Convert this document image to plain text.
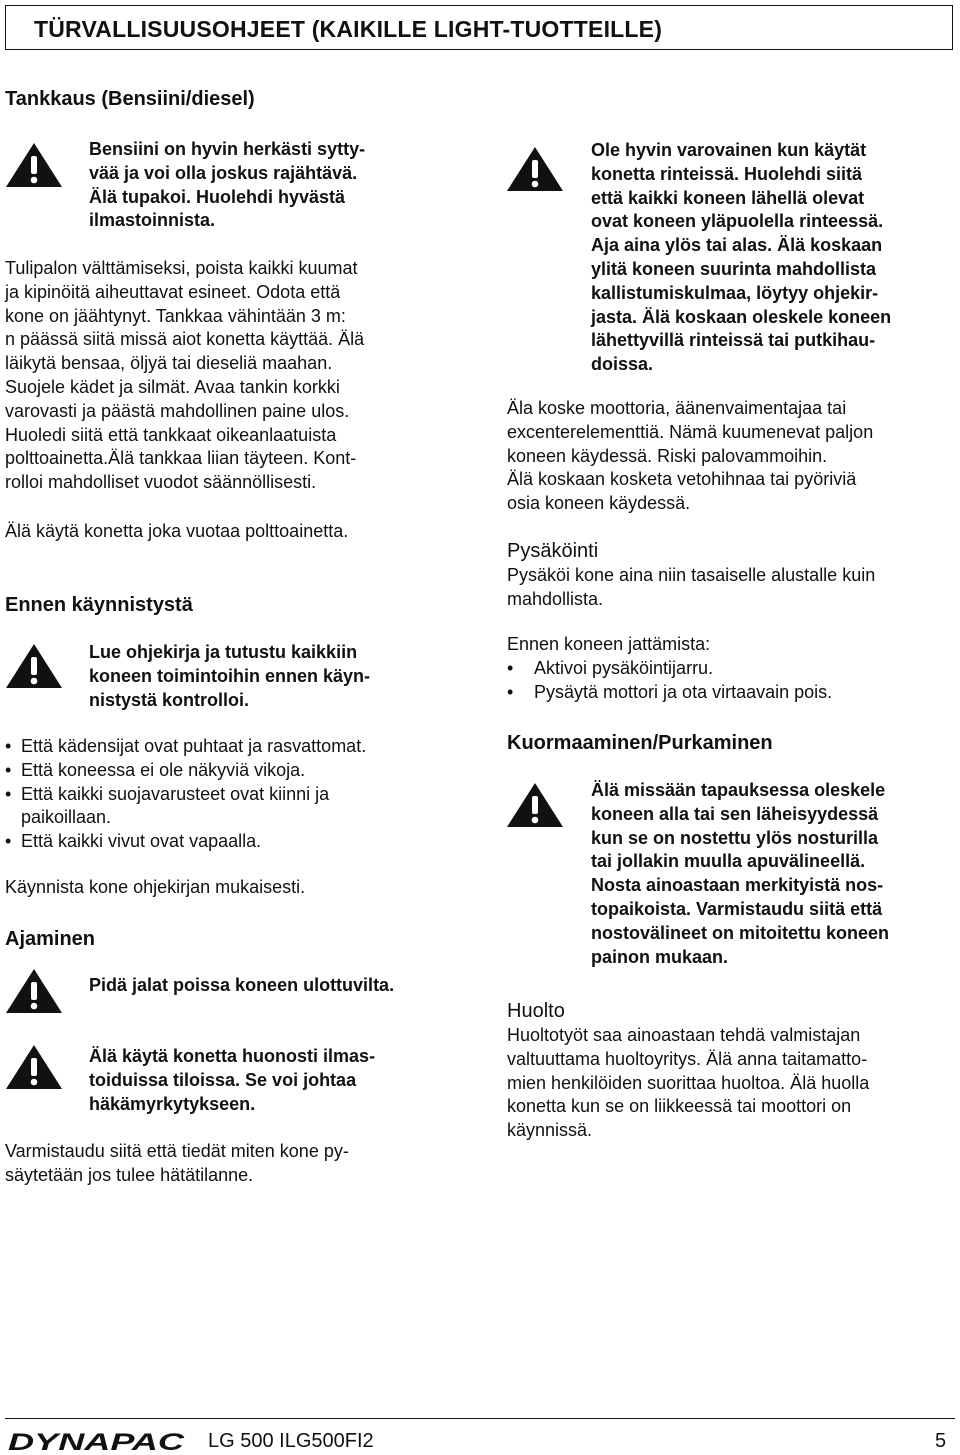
TÜRVALLISUUSOHJEET (KAIKILLE LIGHT-TUOTTEILLE)
Tankkaus (Bensiini/diesel)
Bensiini on hyvin herkästi sytty-
vää ja voi olla joskus rajähtävä.
Älä tupakoi. Huolehdi hyvästä
ilmastoinnista.
Tulipalon välttämiseksi, poista kaikki kuumat
ja kipinöitä aiheuttavat esineet. Odota että
kone on jäähtynyt. Tankkaa vähintään 3 m:
n päässä siitä missä aiot konetta käyttää. Älä
läikytä bensaa, öljyä tai dieseliä maahan.
Suojele kädet ja silmät. Avaa tankin korkki
varovasti ja päästä mahdollinen paine ulos.
Huoledi siitä että tankkaat oikeanlaatuista
polttoainetta.Älä tankkaa liian täyteen. Kont-
rolloi mahdolliset vuodot säännöllisesti.
Älä käytä konetta joka vuotaa polttoainetta.
Ennen käynnistystä
Lue ohjekirja ja tutustu kaikkiin
koneen toimintoihin ennen käyn-
nistystä kontrolloi.
• Että kädensijat ovat puhtaat ja rasvattomat.
• Että koneessa ei ole näkyviä vikoja.
• Että kaikki suojavarusteet ovat kiinni ja
paikoillaan.
• Että kaikki vivut ovat vapaalla.
Käynnista kone ohjekirjan mukaisesti.
Ajaminen
Pidä jalat poissa koneen ulottuvilta.
Älä käytä konetta huonosti ilmas-
toiduissa tiloissa. Se voi johtaa
häkämyrkytykseen.
Varmistaudu siitä että tiedät miten kone py-
säytetään jos tulee hätätilanne.
Ole hyvin varovainen kun käytät
konetta rinteissä. Huolehdi siitä
että kaikki koneen lähellä olevat
ovat koneen yläpuolella rinteessä.
Aja aina ylös tai alas. Älä koskaan
ylitä koneen suurinta mahdollista
kallistumiskulmaa, löytyy ohjekir-
jasta. Älä koskaan oleskele koneen
lähettyvillä rinteissä tai putkihau-
doissa.
Äla koske moottoria, äänenvaimentajaa tai
excenterelementtiä. Nämä kuumenevat paljon
koneen käydessä. Riski palovammoihin.
Älä koskaan kosketa vetohihnaa tai pyöriviä
osia koneen käydessä.
Pysäköinti
Pysäköi kone aina niin tasaiselle alustalle kuin
mahdollista.
Ennen koneen jattämista:
• Aktivoi pysäköintijarru.
• Pysäytä mottori ja ota virtaavain pois.
Kuormaaminen/Purkaminen
Älä missään tapauksessa oleskele
koneen alla tai sen läheisyydessä
kun se on nostettu ylös nosturilla
tai jollakin muulla apuvälineellä.
Nosta ainoastaan merkityistä nos-
topaikoista. Varmistaudu siitä että
nostovälineet on mitoitettu koneen
painon mukaan.
Huolto
Huoltotyöt saa ainoastaan tehdä valmistajan
valtuuttama huoltoyritys. Älä anna taitamatto-
mien henkilöiden suorittaa huoltoa. Älä huolla
konetta kun se on liikkeessä tai moottori on
käynnissä.
DYNAPAC LG 500 ILG500FI2	5
